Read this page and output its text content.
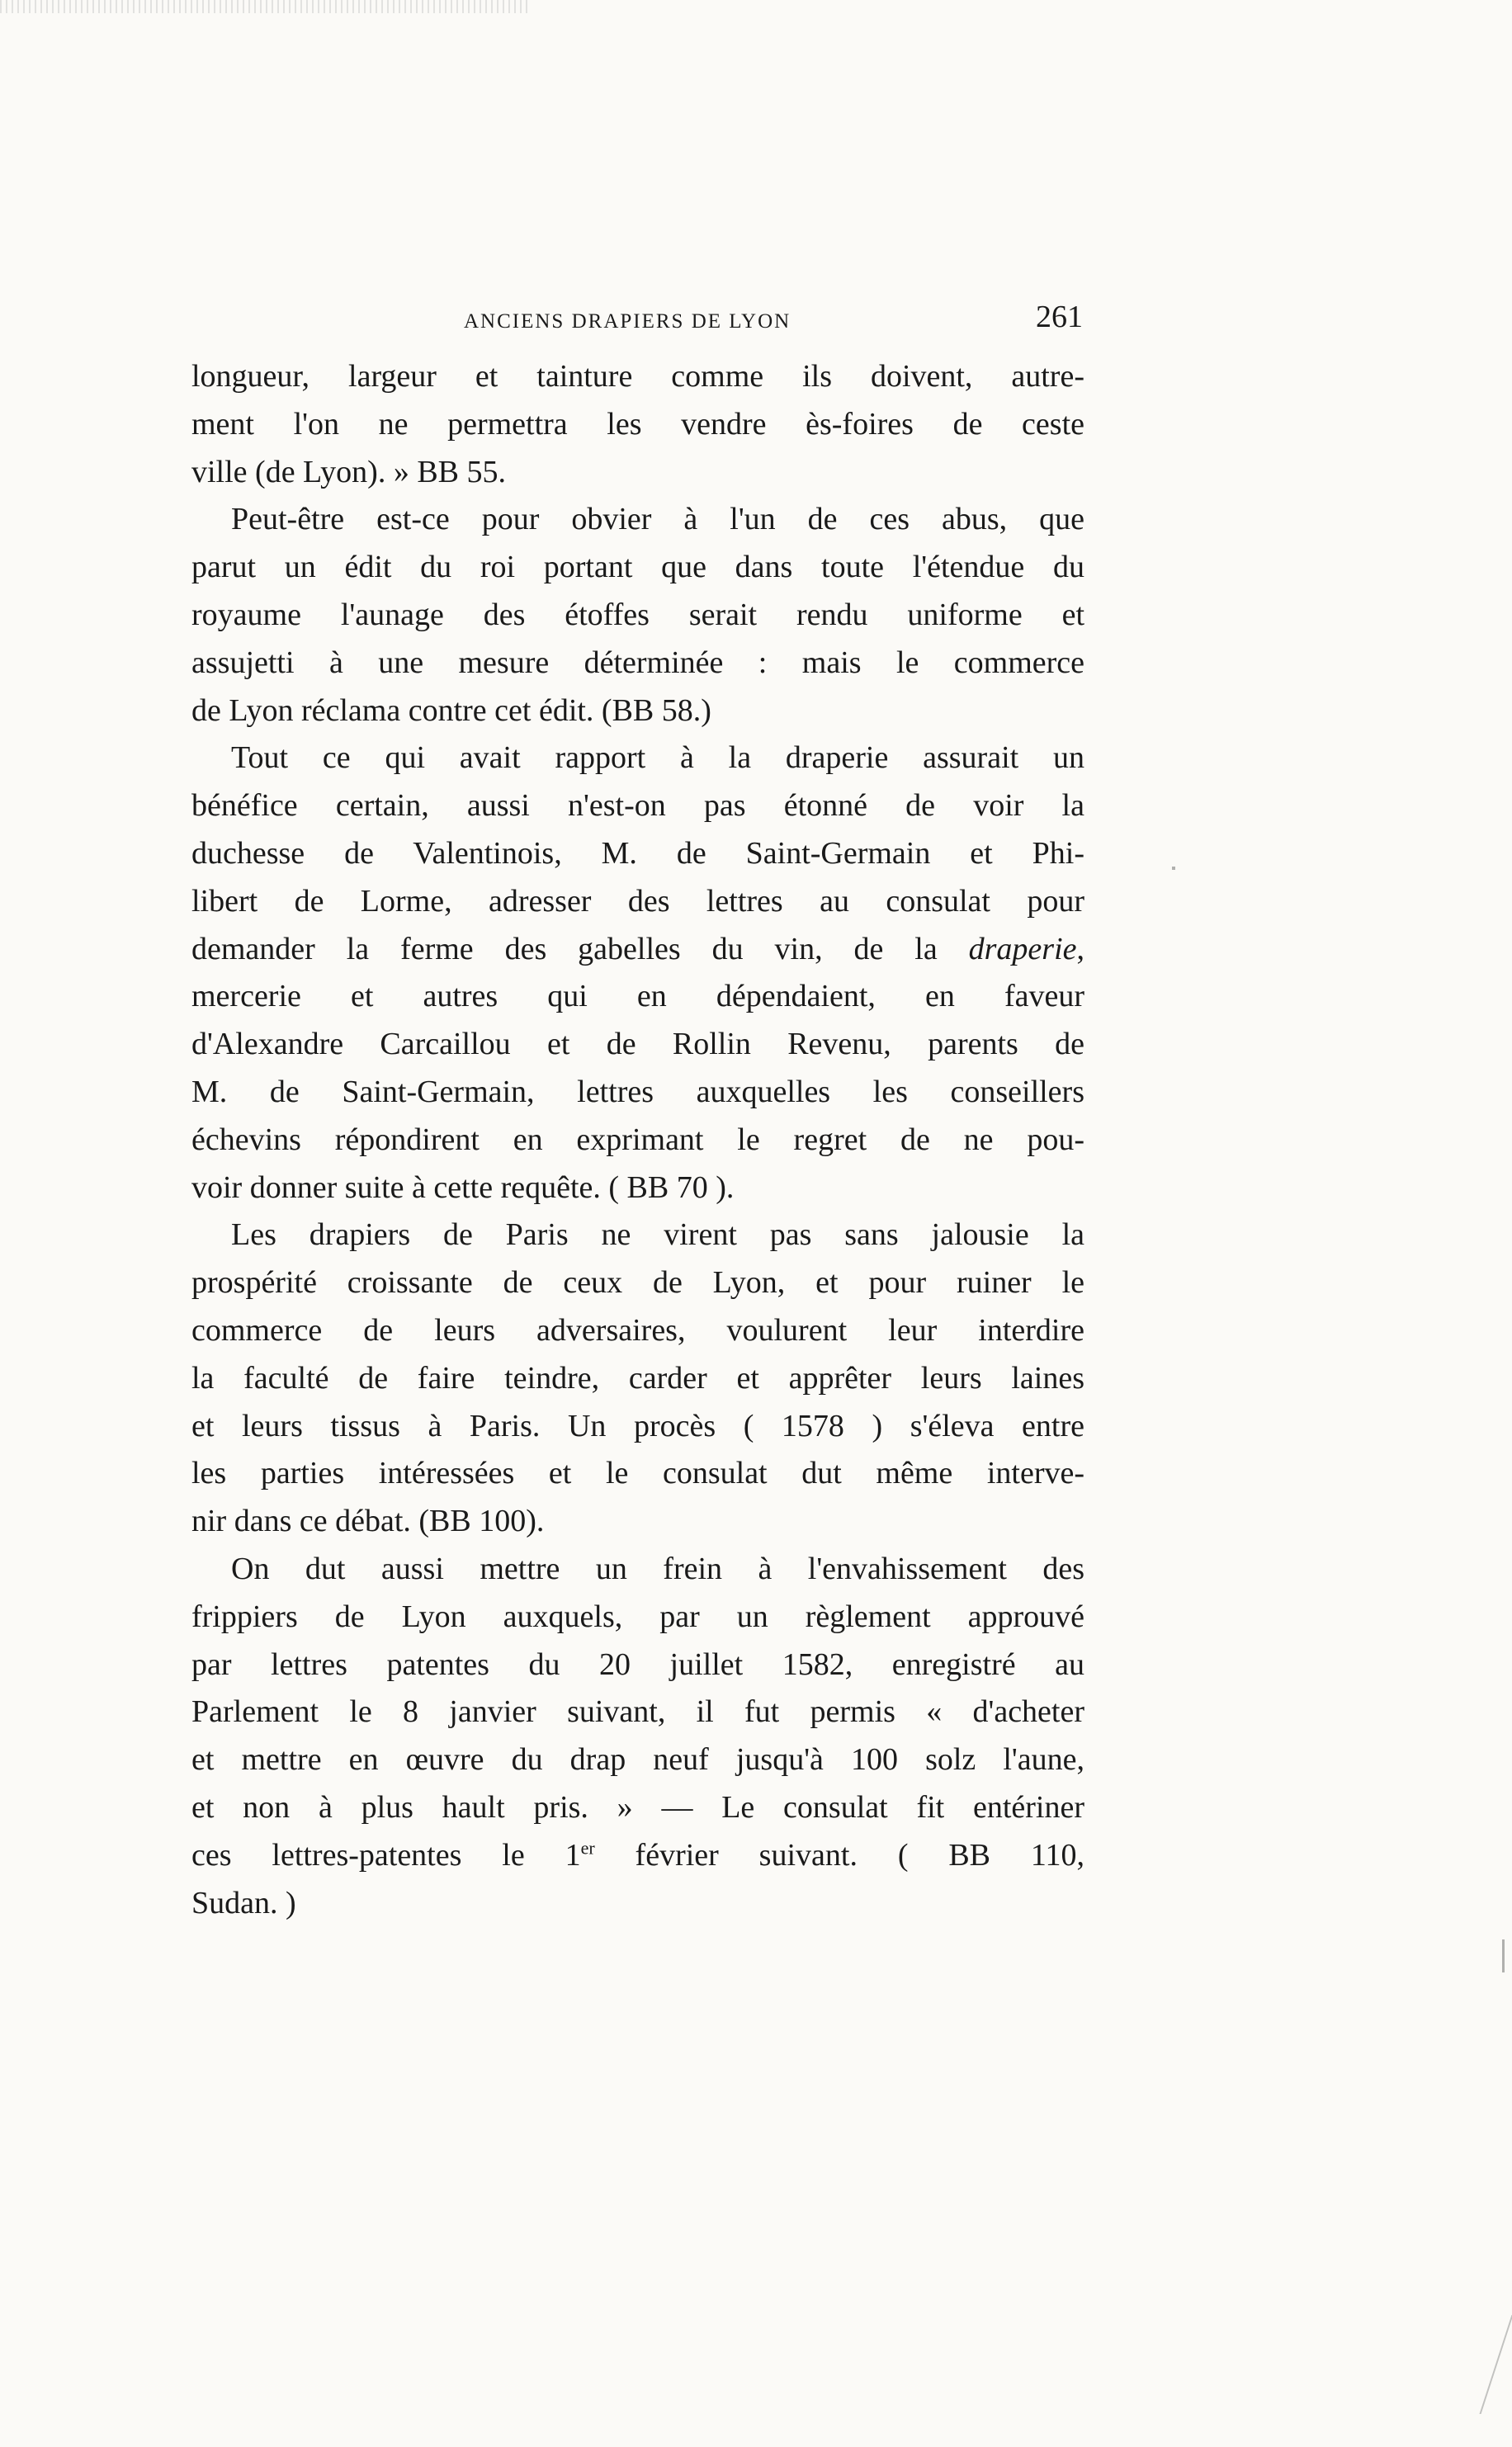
ANCIENS DRAPIERS DE LYON	261
longueur, largeur et tainture comme ils doivent, autre-
ment l'on ne permettra les vendre ès-foires de ceste
ville (de Lyon). » BB 55.
Peut-être est-ce pour obvier à l'un de ces abus, que
parut un édit du roi portant que dans toute l'étendue du
royaume l'aunage des étoffes serait rendu uniforme et
assujetti à une mesure déterminée : mais le commerce
de Lyon réclama contre cet édit. (BB 58.)
Tout ce qui avait rapport à la draperie assurait un
bénéfice certain, aussi n'est-on pas étonné de voir la
duchesse de Valentinois, M. de Saint-Germain et Phi-
libert de Lorme, adresser des lettres au consulat pour
demander la ferme des gabelles du vin, de la draperie,
mercerie et autres qui en dépendaient, en faveur
d'Alexandre Carcaillou et de Rollin Revenu, parents de
M. de Saint-Germain, lettres auxquelles les conseillers
échevins répondirent en exprimant le regret de ne pou-
voir donner suite à cette requête. ( BB 70 ).
Les drapiers de Paris ne virent pas sans jalousie la
prospérité croissante de ceux de Lyon, et pour ruiner le
commerce de leurs adversaires, voulurent leur interdire
la faculté de faire teindre, carder et apprêter leurs laines
et leurs tissus à Paris. Un procès ( 1578 ) s'éleva entre
les parties intéressées et le consulat dut même interve-
nir dans ce débat. (BB 100).
On dut aussi mettre un frein à l'envahissement des
frippiers de Lyon auxquels, par un règlement approuvé
par lettres patentes du 20 juillet 1582, enregistré au
Parlement le 8 janvier suivant, il fut permis « d'acheter
et mettre en œuvre du drap neuf jusqu'à 100 solz l'aune,
et non à plus hault pris. » — Le consulat fit entériner
ces lettres-patentes le 1er février suivant. ( BB 110,
Sudan. )
